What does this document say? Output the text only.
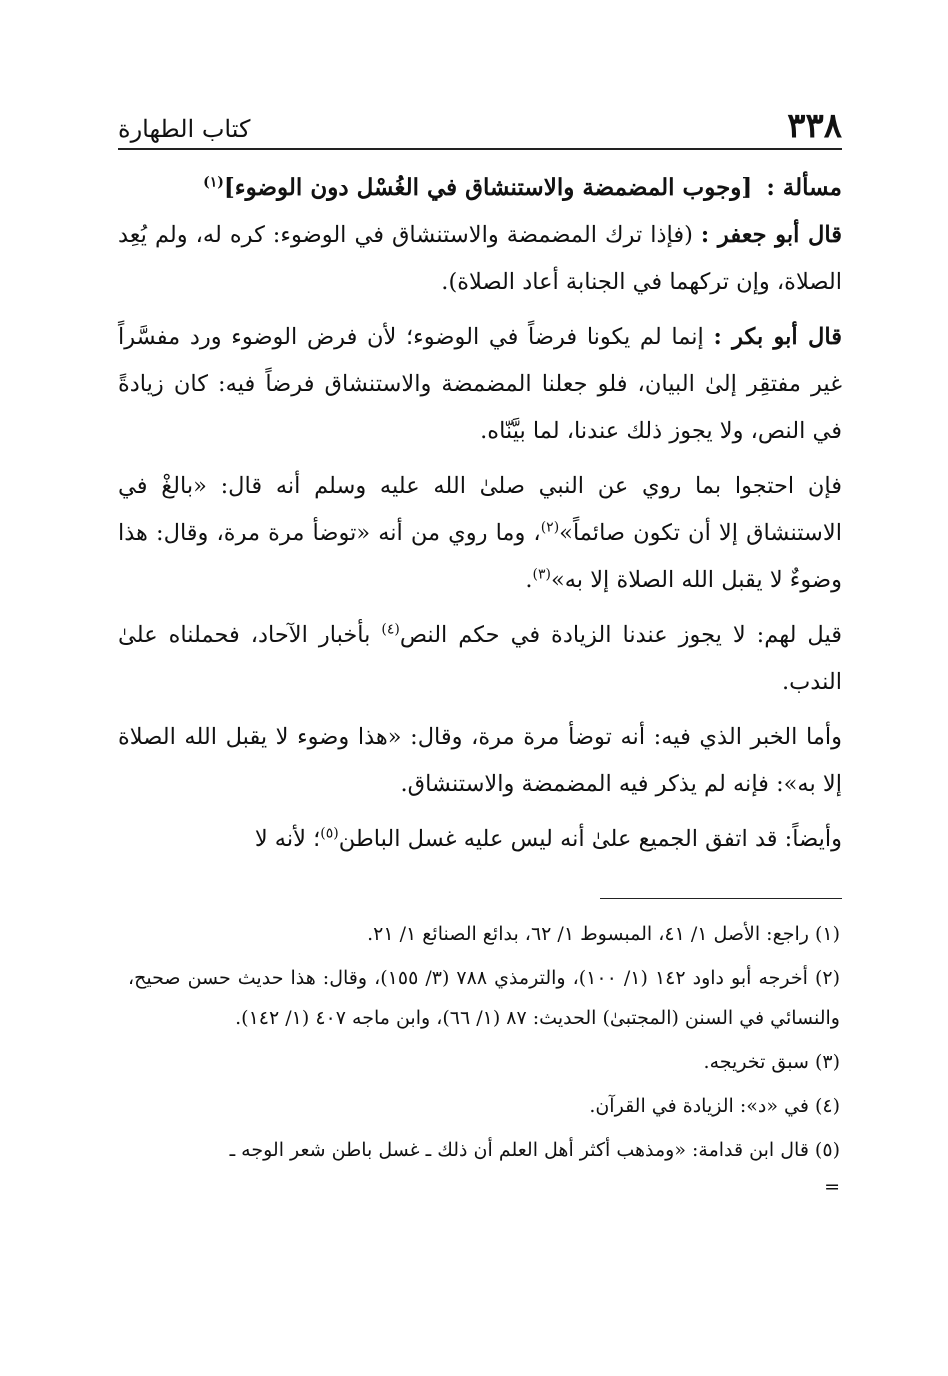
٣٣٨
كتاب الطهارة
مسألة : [وجوب المضمضة والاستنشاق في الغُسْل دون الوضوء]$^{(١)}$

قال أبو جعفر : (فإذا ترك المضمضة والاستنشاق في الوضوء: كره له، ولم يُعِد الصلاة، وإن تركهما في الجنابة أعاد الصلاة).

قال أبو بكر : إنما لم يكونا فرضاً في الوضوء؛ لأن فرض الوضوء ورد مفسَّراً غير مفتقِر إلىٰ البيان، فلو جعلنا المضمضة والاستنشاق فرضاً فيه: كان زيادةً في النص، ولا يجوز ذلك عندنا، لما بيَّنّاه.

فإن احتجوا بما روي عن النبي صلىٰ الله عليه وسلم أنه قال: «بالغْ في الاستنشاق إلا أن تكون صائماً»$^{(٢)}$، وما روي من أنه «توضأ مرة مرة، وقال: هذا وضوءٌ لا يقبل الله الصلاة إلا به»$^{(٣)}$.

قيل لهم: لا يجوز عندنا الزيادة في حكم النص$^{(٤)}$ بأخبار الآحاد، فحملناه علىٰ الندب.

وأما الخبر الذي فيه: أنه توضأ مرة مرة، وقال: «هذا وضوء لا يقبل الله الصلاة إلا به»: فإنه لم يذكر فيه المضمضة والاستنشاق.

وأيضاً: قد اتفق الجميع علىٰ أنه ليس عليه غسل الباطن$^{(٥)}$؛ لأنه لا

(١) راجع: الأصل ١/ ٤١، المبسوط ١/ ٦٢، بدائع الصنائع ١/ ٢١.

(٢) أخرجه أبو داود ١٤٢ (١/ ١٠٠)، والترمذي ٧٨٨ (٣/ ١٥٥)، وقال: هذا حديث حسن صحيح، والنسائي في السنن (المجتبىٰ) الحديث: ٨٧ (١/ ٦٦)، وابن ماجه ٤٠٧ (١/ ١٤٢).

(٣) سبق تخريجه.

(٤) في «د»: الزيادة في القرآن.

(٥) قال ابن قدامة: «ومذهب أكثر أهل العلم أن ذلك ـ غسل باطن شعر الوجه ـ

=
